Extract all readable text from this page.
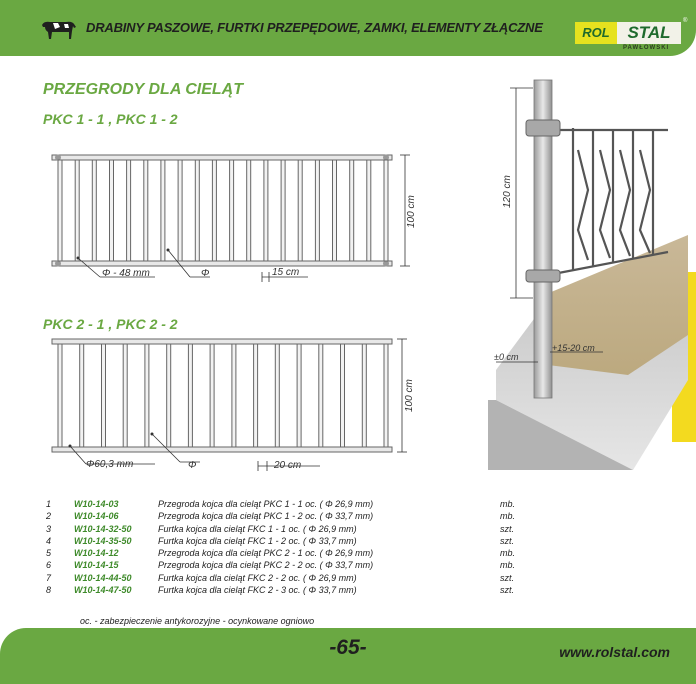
DRABINY PASZOWE, FURTKI PRZEPĘDOWE, ZAMKI, ELEMENTY ZŁĄCZNE	ROL	STAL
PAWŁOWSKI
®
PRZEGRODY DLA CIELĄT
PKC 1 - 1 , PKC 1 - 2
100 cm
Φ - 48 mm	Φ	15 cm
PKC 2 - 1 , PKC 2 - 2
100 cm
Φ60,3 mm	Φ	20 cm
120 cm
±0 cm
+15-20 cm
1	W10-14-03	Przegroda kojca dla cieląt PKC 1 - 1 oc. ( Φ 26,9 mm)	mb.
2	W10-14-06	Przegroda kojca dla cieląt PKC 1 - 2 oc. ( Φ 33,7 mm)	mb.
3	W10-14-32-50	Furtka kojca dla cieląt FKC 1 - 1 oc. ( Φ 26,9 mm)	szt.
4	W10-14-35-50	Furtka kojca dla cieląt FKC 1 - 2 oc. ( Φ 33,7 mm)	szt.
5	W10-14-12	Przegroda kojca dla cieląt PKC 2 - 1 oc. ( Φ 26,9 mm)	mb.
6	W10-14-15	Przegroda kojca dla cieląt PKC 2 - 2 oc. ( Φ 33,7 mm)	mb.
7	W10-14-44-50	Furtka kojca dla cieląt FKC 2 - 2 oc. ( Φ 26,9 mm)	szt.
8	W10-14-47-50	Furtka kojca dla cieląt FKC 2 - 3 oc. ( Φ 33,7 mm)	szt.
oc. - zabezpieczenie antykorozyjne - ocynkowane ogniowo
-65-	www.rolstal.com
